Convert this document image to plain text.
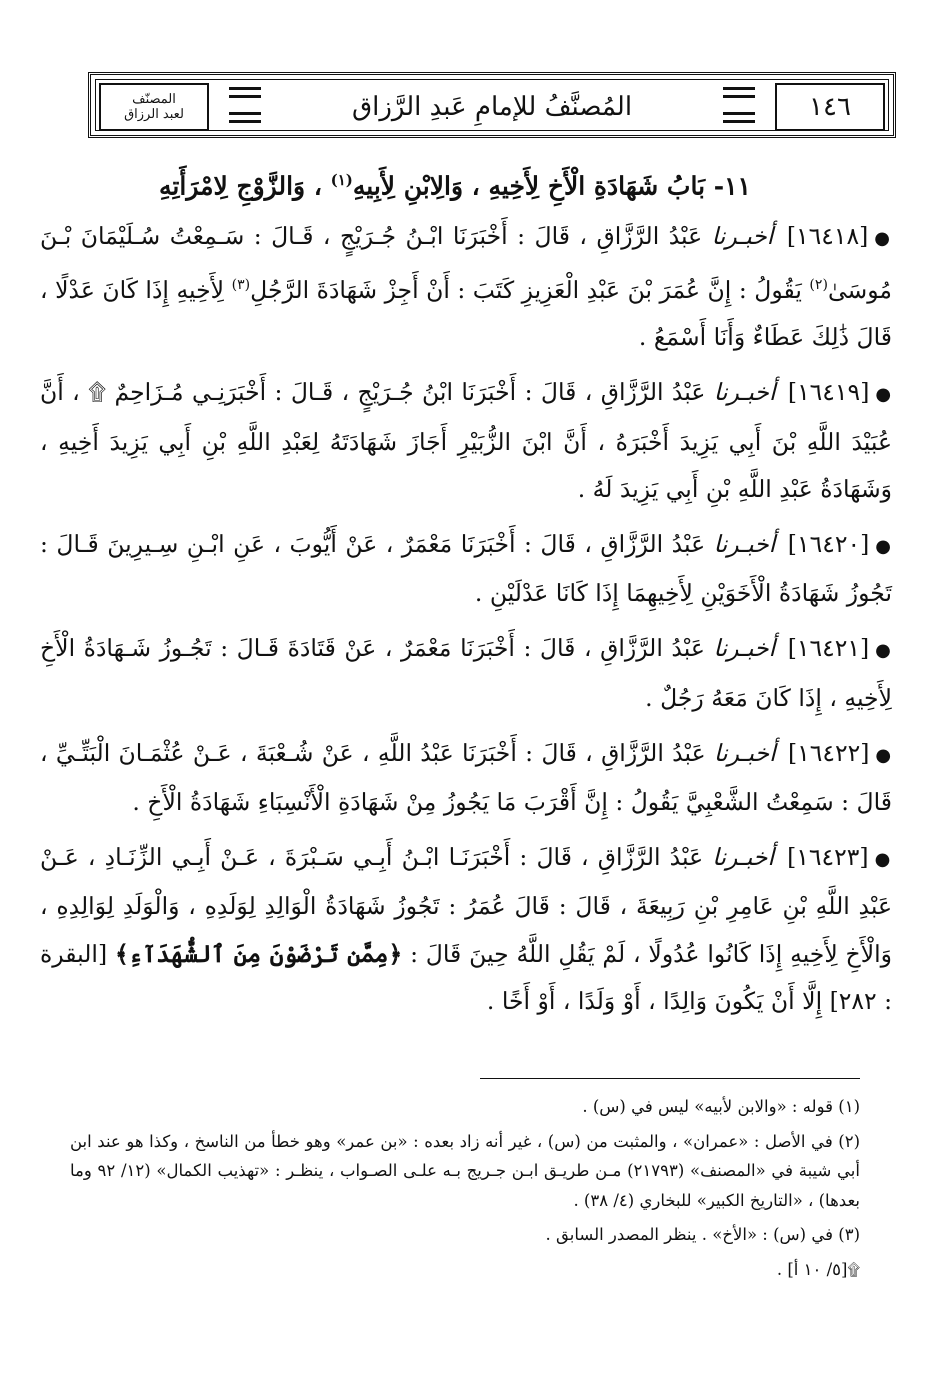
١٤٦
المُصنَّفُ للإمامِ عَبدِ الرَّزاق
المصنّف
لعبد الرزاق
١١- بَابُ شَهَادَةِ الْأَخِ لِأَخِيهِ ، وَالِابْنِ لِأَبِيهِ$^{(١)}$ ، وَالزَّوْجِ لِامْرَأَتِهِ

●[١٦٤١٨] أخبـرنا عَبْدُ الرَّزَّاقِ ، قَالَ : أَخْبَرَنَا ابْـنُ جُـرَيْجٍ ، قَـالَ : سَـمِعْتُ سُـلَيْمَانَ بْـنَ مُوسَىٰ$^{(٢)}$ يَقُولُ : إِنَّ عُمَرَ بْنَ عَبْدِ الْعَزِيزِ كَتَبَ : أَنْ أَجِزْ شَهَادَةَ الرَّجُلِ$^{(٣)}$ لِأَخِيهِ إِذَا كَانَ عَدْلًا ، قَالَ ذَٰلِكَ عَطَاءٌ وَأَنَا أَسْمَعُ .

●[١٦٤١٩] أخبـرنا عَبْدُ الرَّزَّاقِ ، قَالَ : أَخْبَرَنَا ابْنُ جُـرَيْجٍ ، قَـالَ : أَخْبَرَنِـي مُـزَاحِمٌ ۩ ، أَنَّ عُبَيْدَ اللَّهِ بْنَ أَبِي يَزِيدَ أَخْبَرَهُ ، أَنَّ ابْنَ الزُّبَيْرِ أَجَازَ شَهَادَتَهُ لِعَبْدِ اللَّهِ بْنِ أَبِي يَزِيدَ أَخِيهِ ، وَشَهَادَةُ عَبْدِ اللَّهِ بْنِ أَبِي يَزِيدَ لَهُ .

●[١٦٤٢٠] أخبـرنا عَبْدُ الرَّزَّاقِ ، قَالَ : أَخْبَرَنَا مَعْمَرٌ ، عَنْ أَيُّوبَ ، عَنِ ابْـنِ سِـيرِينَ قَـالَ : تَجُوزُ شَهَادَةُ الْأَخَوَيْنِ لِأَخِيهِمَا إِذَا كَانَا عَدْلَيْنِ .

●[١٦٤٢١] أخبـرنا عَبْدُ الرَّزَّاقِ ، قَالَ : أَخْبَرَنَا مَعْمَرٌ ، عَنْ قَتَادَةَ قَـالَ : تَجُـوزُ شَـهَادَةُ الْأَخِ لِأَخِيهِ ، إِذَا كَانَ مَعَهُ رَجُلٌ .

●[١٦٤٢٢] أخبـرنا عَبْدُ الرَّزَّاقِ ، قَالَ : أَخْبَرَنَا عَبْدُ اللَّهِ ، عَنْ شُـعْبَةَ ، عَـنْ عُثْمَـانَ الْبَتِّـيِّ ، قَالَ : سَمِعْتُ الشَّعْبِيَّ يَقُولُ : إِنَّ أَقْرَبَ مَا يَجُوزُ مِنْ شَهَادَةِ الْأَنْسِبَاءِ شَهَادَةُ الْأَخِ .

●[١٦٤٢٣] أخبـرنا عَبْدُ الرَّزَّاقِ ، قَالَ : أَخْبَرَنَـا ابْـنُ أَبِـي سَـبْرَةَ ، عَـنْ أَبِـي الزِّنَـادِ ، عَـنْ عَبْدِ اللَّهِ بْنِ عَامِرِ بْنِ رَبِيعَةَ ، قَالَ : قَالَ عُمَرُ : تَجُوزُ شَهَادَةُ الْوَالِدِ لِوَلَدِهِ ، وَالْوَلَدِ لِوَالِدِهِ ، وَالْأَخِ لِأَخِيهِ إِذَا كَانُوا عُدُولًا ، لَمْ يَقُلِ اللَّهُ حِينَ قَالَ : ﴿مِمَّن تَرْضَوْنَ مِنَ ٱلشُّهَدَآءِ﴾ [البقرة : ٢٨٢] إِلَّا أَنْ يَكُونَ وَالِدًا ، أَوْ وَلَدًا ، أَوْ أَخًا .

(١) قوله : «والابن لأبيه» ليس في (س) .

(٢) في الأصل : «عمران» ، والمثبت من (س) ، غير أنه زاد بعده : «بن عمر» وهو خطأ من الناسخ ، وكذا هو عند ابن أبي شيبة في «المصنف» (٢١٧٩٣) مـن طريـق ابـن جـريج بـه علـى الصـواب ، ينظـر : «تهذيب الكمال» (١٢/ ٩٢ وما بعدها) ، «التاريخ الكبير» للبخاري (٤/ ٣٨) .

(٣) في (س) : «الأخ» . ينظر المصدر السابق .

۩[٥/ ١٠ أ] .
